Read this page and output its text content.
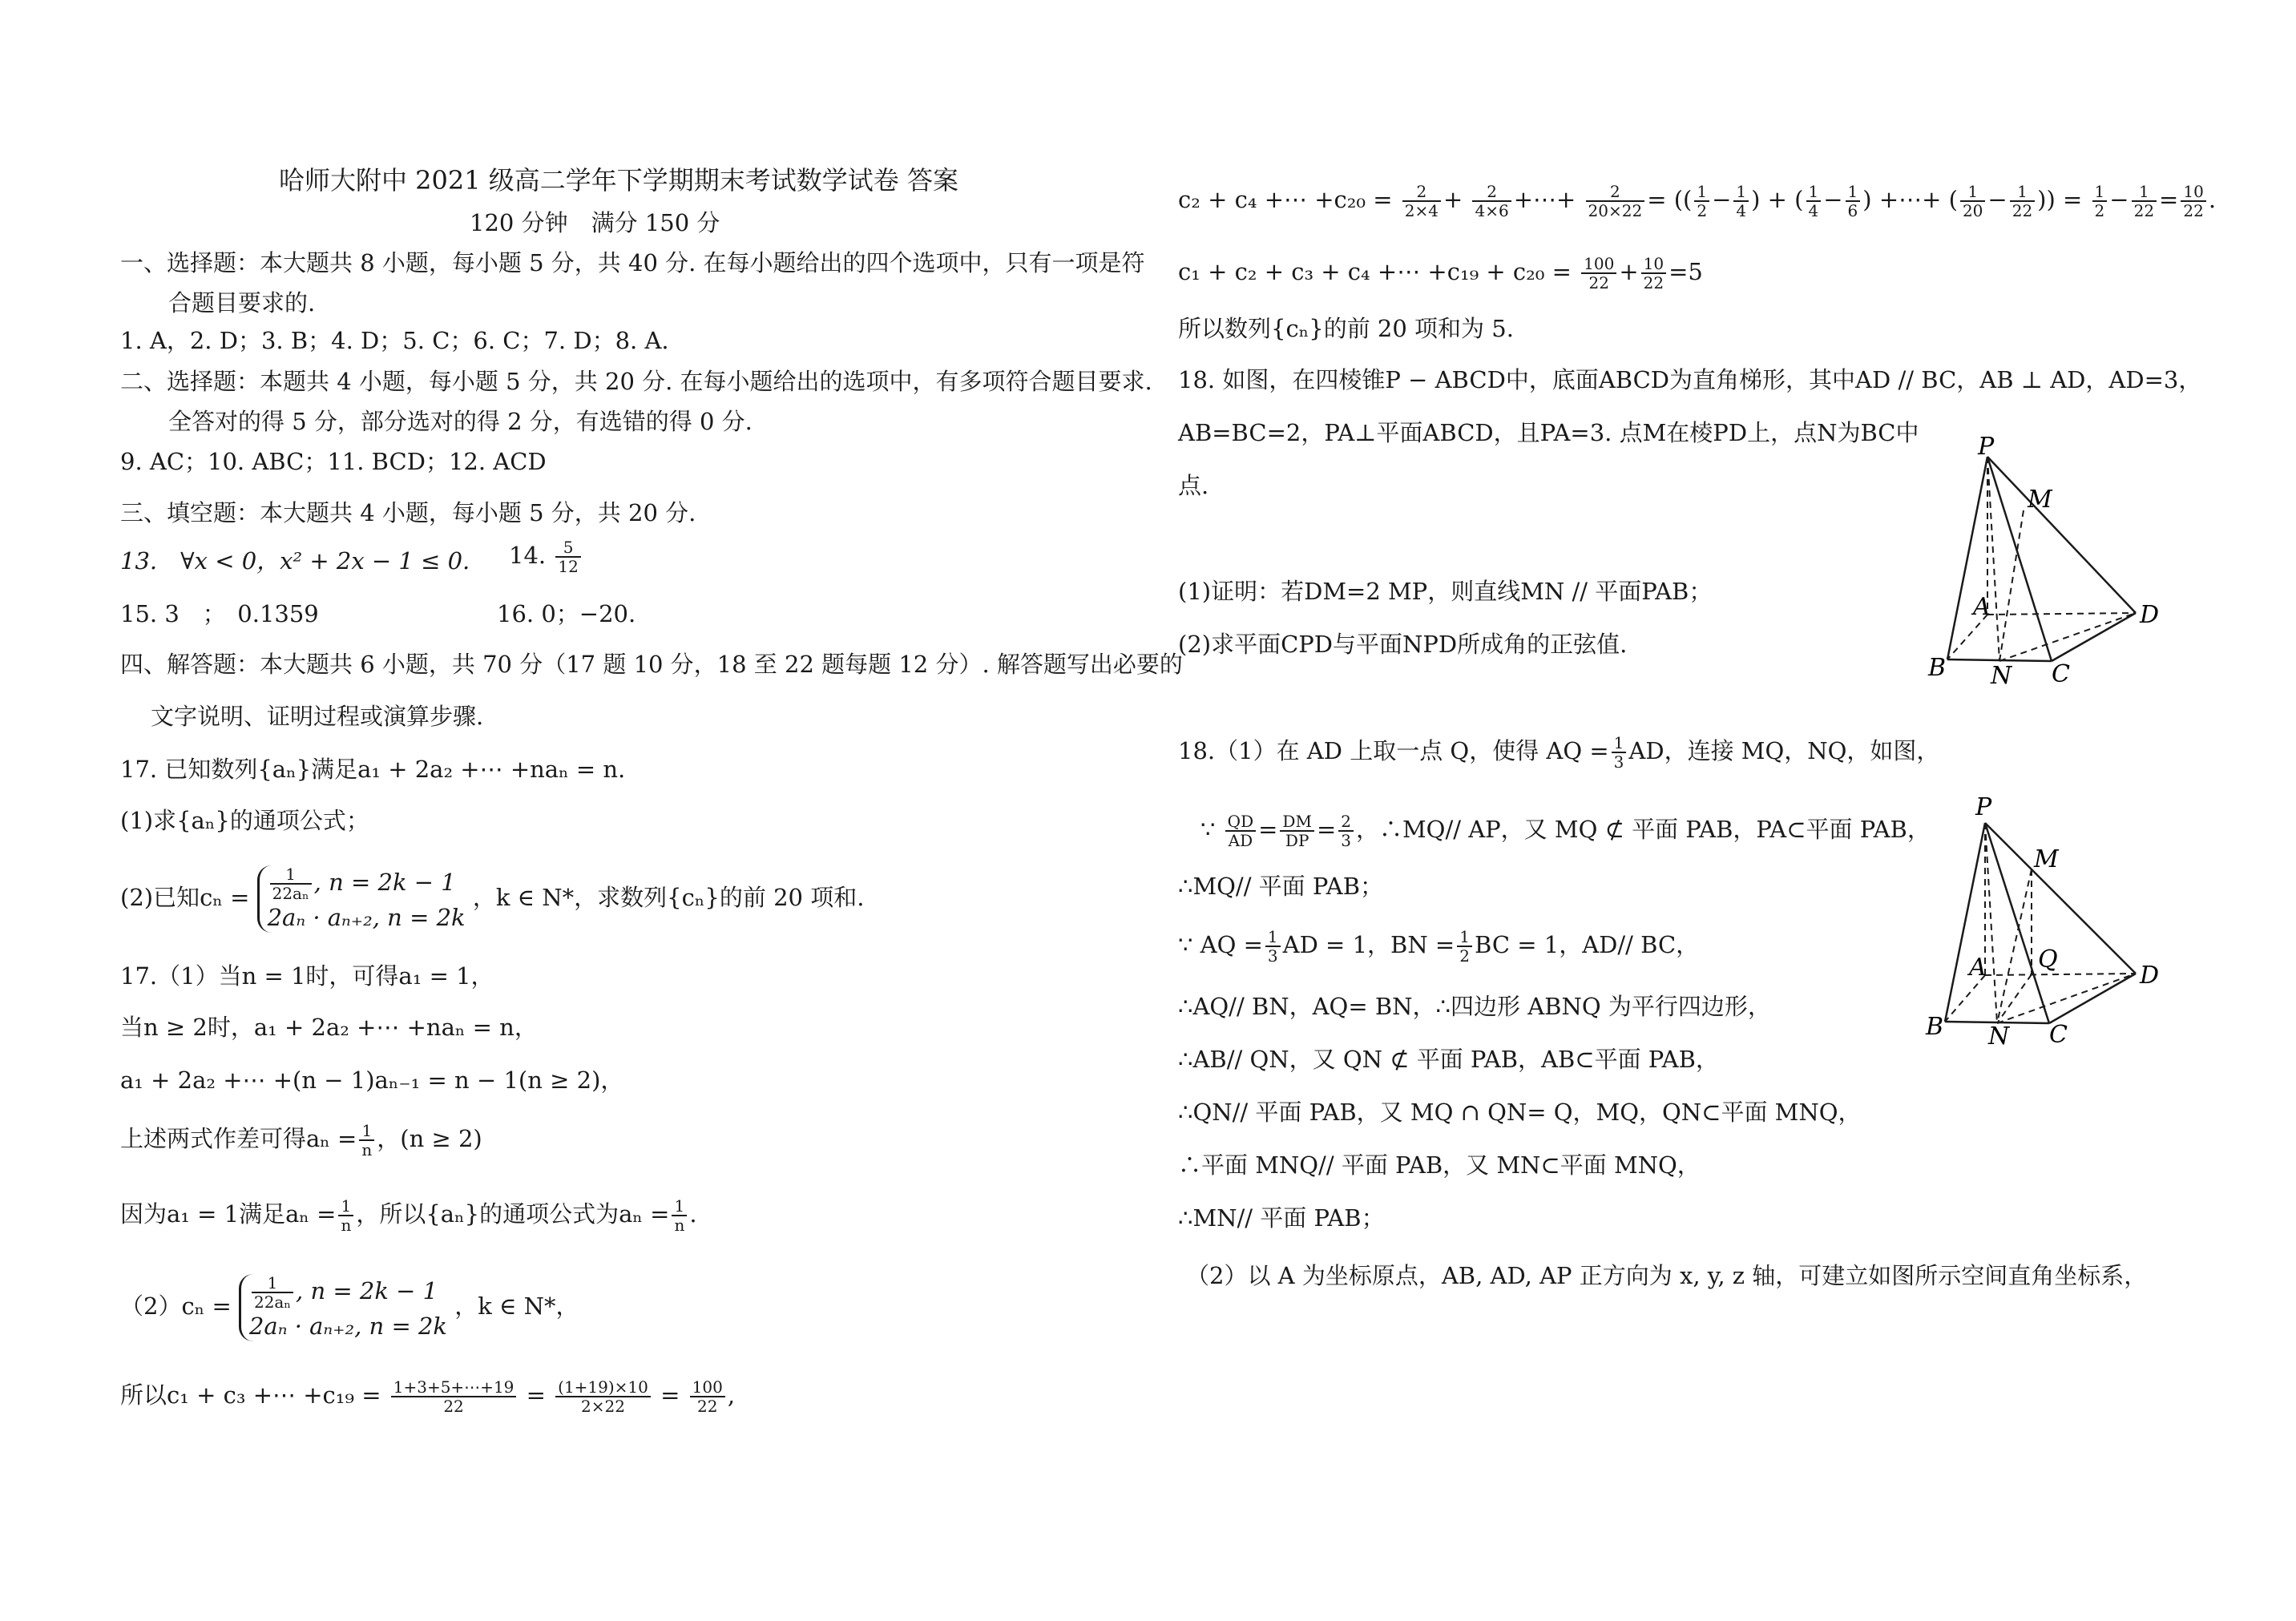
哈师大附中 2021 级高二学年下学期期末考试数学试卷 答案
120 分钟　满分 150 分
一、选择题：本大题共 8 小题，每小题 5 分，共 40 分. 在每小题给出的四个选项中，只有一项是符
合题目要求的.
1. A，2. D；3. B；4. D；5. C；6. C；7. D；8. A.
二、选择题：本题共 4 小题，每小题 5 分，共 20 分. 在每小题给出的选项中，有多项符合题目要求.
全答对的得 5 分，部分选对的得 2 分，有选错的得 0 分.
9. AC；10. ABC；11. BCD；12. ACD
三、填空题：本大题共 4 小题，每小题 5 分，共 20 分.
13.　∀x < 0，x² + 2x − 1 ≤ 0. 14. $\frac{5}{12}$
15. 3　；　0.1359	16. 0；−20.
四、解答题：本大题共 6 小题，共 70 分（17 题 10 分，18 至 22 题每题 12 分）. 解答题写出必要的
文字说明、证明过程或演算步骤.
17. 已知数列{aₙ}满足a₁ + 2a₂ +⋯ +naₙ = n.
(1)求{aₙ}的通项公式；
(2)已知$c_n = \frac{1}{\text{22aₙ}}$ , n = 2k − 1
2aₙ · aₙ₊₂, n = 2k
，k ∈ N*，求数列{cₙ}的前 20 项和.
17.（1）当n = 1时，可得a₁ = 1，
当n ≥ 2时，a₁ + 2a₂ +⋯ +naₙ = n，
a₁ + 2a₂ +⋯ +(n − 1)aₙ₋₁ = n − 1(n ≥ 2)，
上述两式作差可得$a_n = \frac{1}{n}$ ，(n ≥ 2)
因为a₁ = 1满足$a_n = \frac{1}{n}$ ，所以{aₙ}的通项公式为$a_n = \frac{1}{n}$ .
$(2)c_n = \frac{1}{\text{22aₙ}}$ , n = 2k − 1
2aₙ · aₙ₊₂, n = 2k
，k ∈ N*，
所以c₁ + c₃ +⋯ $+c_{19} = \frac{1+3+5+\cdots+19}{22} = \frac{(1+19)\times 10}{2\times 22} = \frac{100}{22}$ ,
c₂ + c₄ +⋯ $+c_{20} = \frac{2}{2\times 4} + \frac{2}{4\times 6}$ +⋯+ $\frac{2}{20\times 22}$ = (( $\frac{1}{2} - \frac{1}{4}$ ) + ( $\frac{1}{4} - \frac{1}{6}$ ) +⋯+ ( $\frac{1}{20} - \frac{1}{22}$ )) = $\frac{1}{2} - \frac{1}{22} = \frac{10}{22}$ .
c₁ + c₂ + c₃ + c₄ +⋯ $+c_{19} + c_{20} = \frac{100}{22} + \frac{10}{22} =5$
所以数列{cₙ}的前 20 项和为 5.
18. 如图，在四棱锥P − ABCD中，底面ABCD为直角梯形，其中AD // BC，AB ⊥ AD，AD=3，
AB=BC=2，PA⊥平面ABCD，且PA=3. 点M在棱PD上，点N为BC中
点.
(1)证明：若DM=2 MP，则直线MN // 平面PAB；
(2)求平面CPD与平面NPD所成角的正弦值.
18.（1）在 AD 上取一点 Q，使得 AQ = $\frac{1}{3}$ AD，连接 MQ，NQ，如图，
∵ $\frac{QD}{AD} = \frac{DM}{DP} = \frac{2}{3}$ ，∴MQ// AP，又 MQ ⊄ 平面 PAB，PA⊂平面 PAB，
∴MQ// 平面 PAB；
∵ AQ = $\frac{1}{3}$ AD = 1，BN = $\frac{1}{2}$ BC = 1，AD// BC，
∴AQ// BN，AQ= BN，∴四边形 ABNQ 为平行四边形，
∴AB// QN，又 QN ⊄ 平面 PAB，AB⊂平面 PAB，
∴QN// 平面 PAB，又 MQ ∩ QN= Q，MQ，QN⊂平面 MNQ，
∴平面 MNQ// 平面 PAB，又 MN⊂平面 MNQ，
∴MN// 平面 PAB；
（2）以 A 为坐标原点，AB, AD, AP 正方向为 x, y, z 轴，可建立如图所示空间直角坐标系，
P
M
A	D
B N C
P
M
Q
A	D
B N C
